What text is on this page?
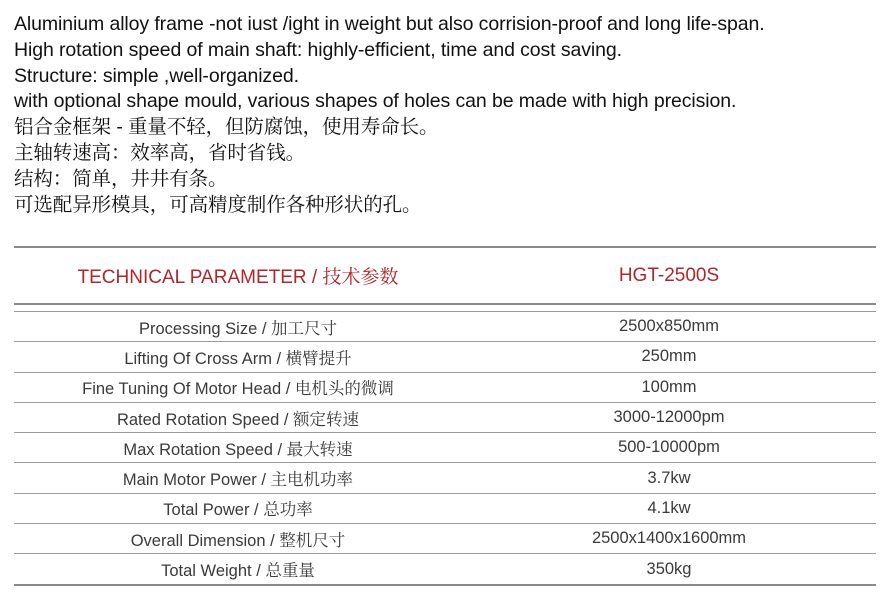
Aluminium alloy frame -not iust /ight in weight but also corrision-proof and long life-span.
High rotation speed of main shaft: highly-efficient, time and cost saving.
Structure: simple ,well-organized.
with optional shape mould, various shapes of holes can be made with high precision.
铝合金框架 - 重量不轻，但防腐蚀，使用寿命长。
主轴转速高：效率高，省时省钱。
结构：简单，井井有条。
可选配异形模具，可高精度制作各种形状的孔。
TECHNICAL PARAMETER / 技术参数	HGT-2500S

Processing Size / 加工尺寸	2500x850mm
Lifting Of Cross Arm / 横臂提升	250mm
Fine Tuning Of Motor Head / 电机头的微调	100mm
Rated Rotation Speed / 额定转速	3000-12000pm
Max Rotation Speed / 最大转速	500-10000pm
Main Motor Power / 主电机功率	3.7kw
Total Power / 总功率	4.1kw
Overall Dimension / 整机尺寸	2500x1400x1600mm
Total Weight / 总重量	350kg
